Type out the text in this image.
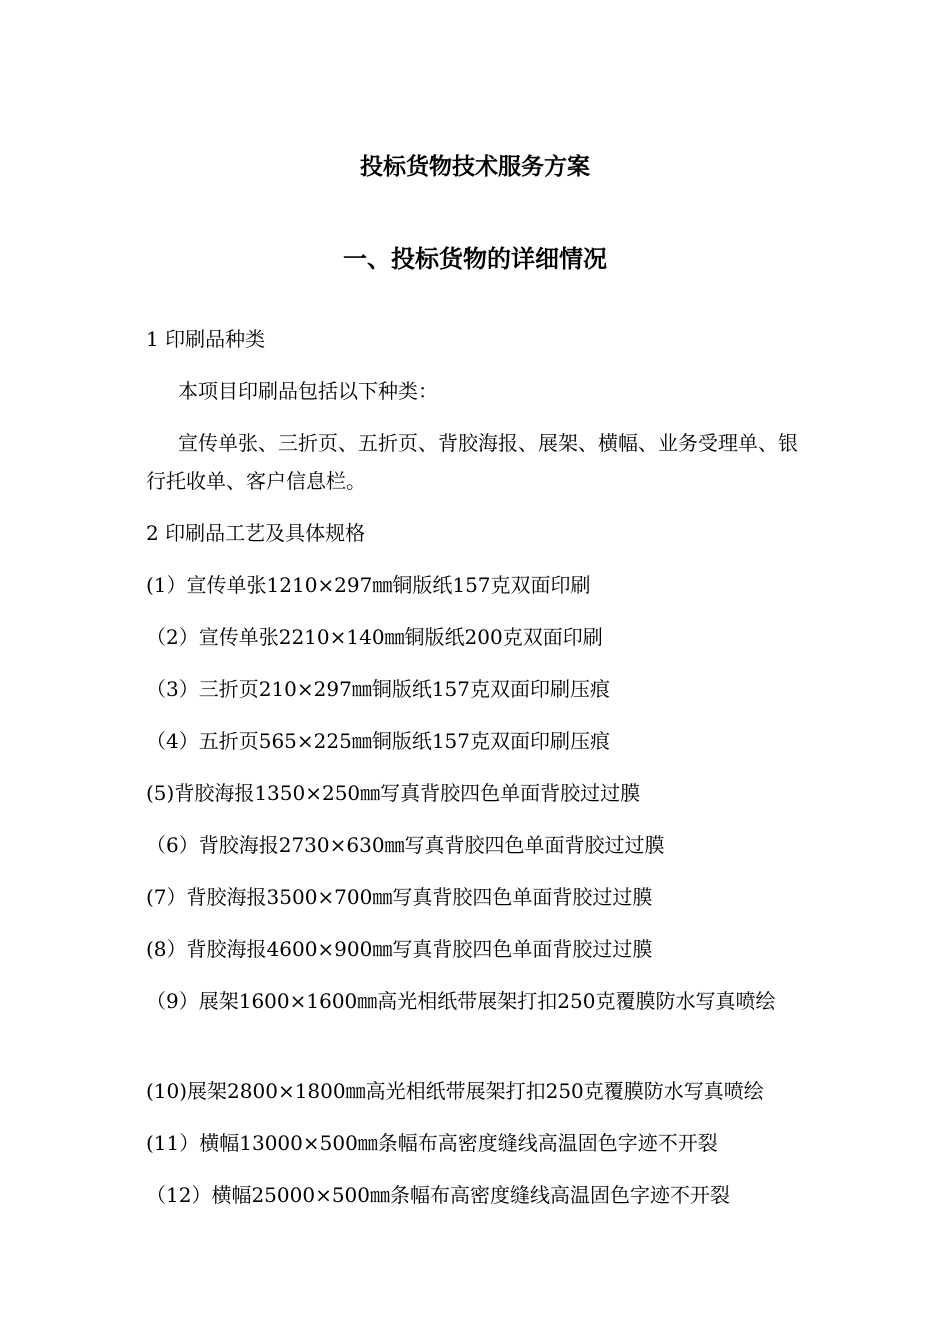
投标货物技术服务方案
一、投标货物的详细情况

1 印刷品种类

本项目印刷品包括以下种类：

宣传单张、三折页、五折页、背胶海报、展架、横幅、业务受理单、银行托收单、客户信息栏。

2 印刷品工艺及具体规格

(1）宣传单张1210×297㎜铜版纸157克双面印刷

（2）宣传单张2210×140㎜铜版纸200克双面印刷

（3）三折页210×297㎜铜版纸157克双面印刷压痕

（4）五折页565×225㎜铜版纸157克双面印刷压痕

(5)背胶海报1350×250㎜写真背胶四色单面背胶过过膜

（6）背胶海报2730×630㎜写真背胶四色单面背胶过过膜

(7）背胶海报3500×700㎜写真背胶四色单面背胶过过膜

(8）背胶海报4600×900㎜写真背胶四色单面背胶过过膜

（9）展架1600×1600㎜高光相纸带展架打扣250克覆膜防水写真喷绘

(10)展架2800×1800㎜高光相纸带展架打扣250克覆膜防水写真喷绘

(11）横幅13000×500㎜条幅布高密度缝线高温固色字迹不开裂

（12）横幅25000×500㎜条幅布高密度缝线高温固色字迹不开裂
